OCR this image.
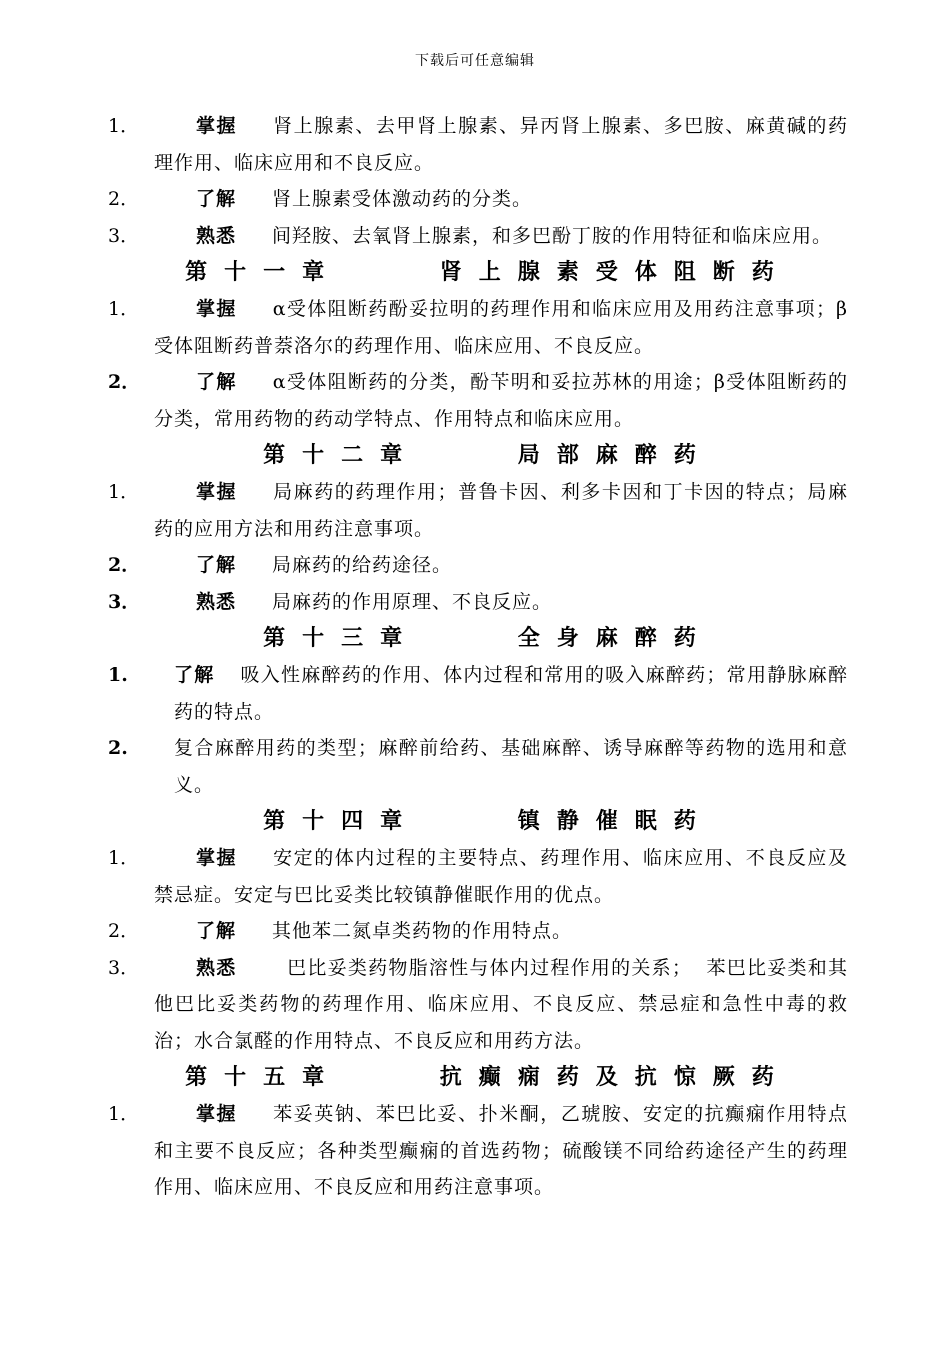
下载后可任意编辑
1．	掌握 肾上腺素、去甲肾上腺素、异丙肾上腺素、多巴胺、麻黄碱的药理作用、临床应用和不良反应。
2．	了解 肾上腺素受体激动药的分类。
3．	熟悉 间羟胺、去氧肾上腺素，和多巴酚丁胺的作用特征和临床应用。
第十一章    肾上腺素受体阻断药
1．	掌握 α受体阻断药酚妥拉明的药理作用和临床应用及用药注意事项；β受体阻断药普萘洛尔的药理作用、临床应用、不良反应。
2．	了解 α受体阻断药的分类，酚苄明和妥拉苏林的用途；β受体阻断药的分类，常用药物的药动学特点、作用特点和临床应用。
第十二章    局部麻醉药
1．	掌握 局麻药的药理作用；普鲁卡因、利多卡因和丁卡因的特点；局麻药的应用方法和用药注意事项。
2．	了解 局麻药的给药途径。
3．	熟悉 局麻药的作用原理、不良反应。
第十三章    全身麻醉药
1. 了解 吸入性麻醉药的作用、体内过程和常用的吸入麻醉药；常用静脉麻醉药的特点。
2. 复合麻醉用药的类型；麻醉前给药、基础麻醉、诱导麻醉等药物的选用和意义。
第十四章    镇静催眠药
1．	掌握 安定的体内过程的主要特点、药理作用、临床应用、不良反应及禁忌症。安定与巴比妥类比较镇静催眠作用的优点。
2．	了解 其他苯二氮卓类药物的作用特点。
3．	熟悉  巴比妥类药物脂溶性与体内过程作用的关系；  苯巴比妥类和其他巴比妥类药物的药理作用、临床应用、不良反应、禁忌症和急性中毒的救治；水合氯醛的作用特点、不良反应和用药方法。
第十五章    抗癫痫药及抗惊厥药
1．	掌握 苯妥英钠、苯巴比妥、扑米酮，乙琥胺、安定的抗癫痫作用特点和主要不良反应；各种类型癫痫的首选药物；硫酸镁不同给药途径产生的药理作用、临床应用、不良反应和用药注意事项。
